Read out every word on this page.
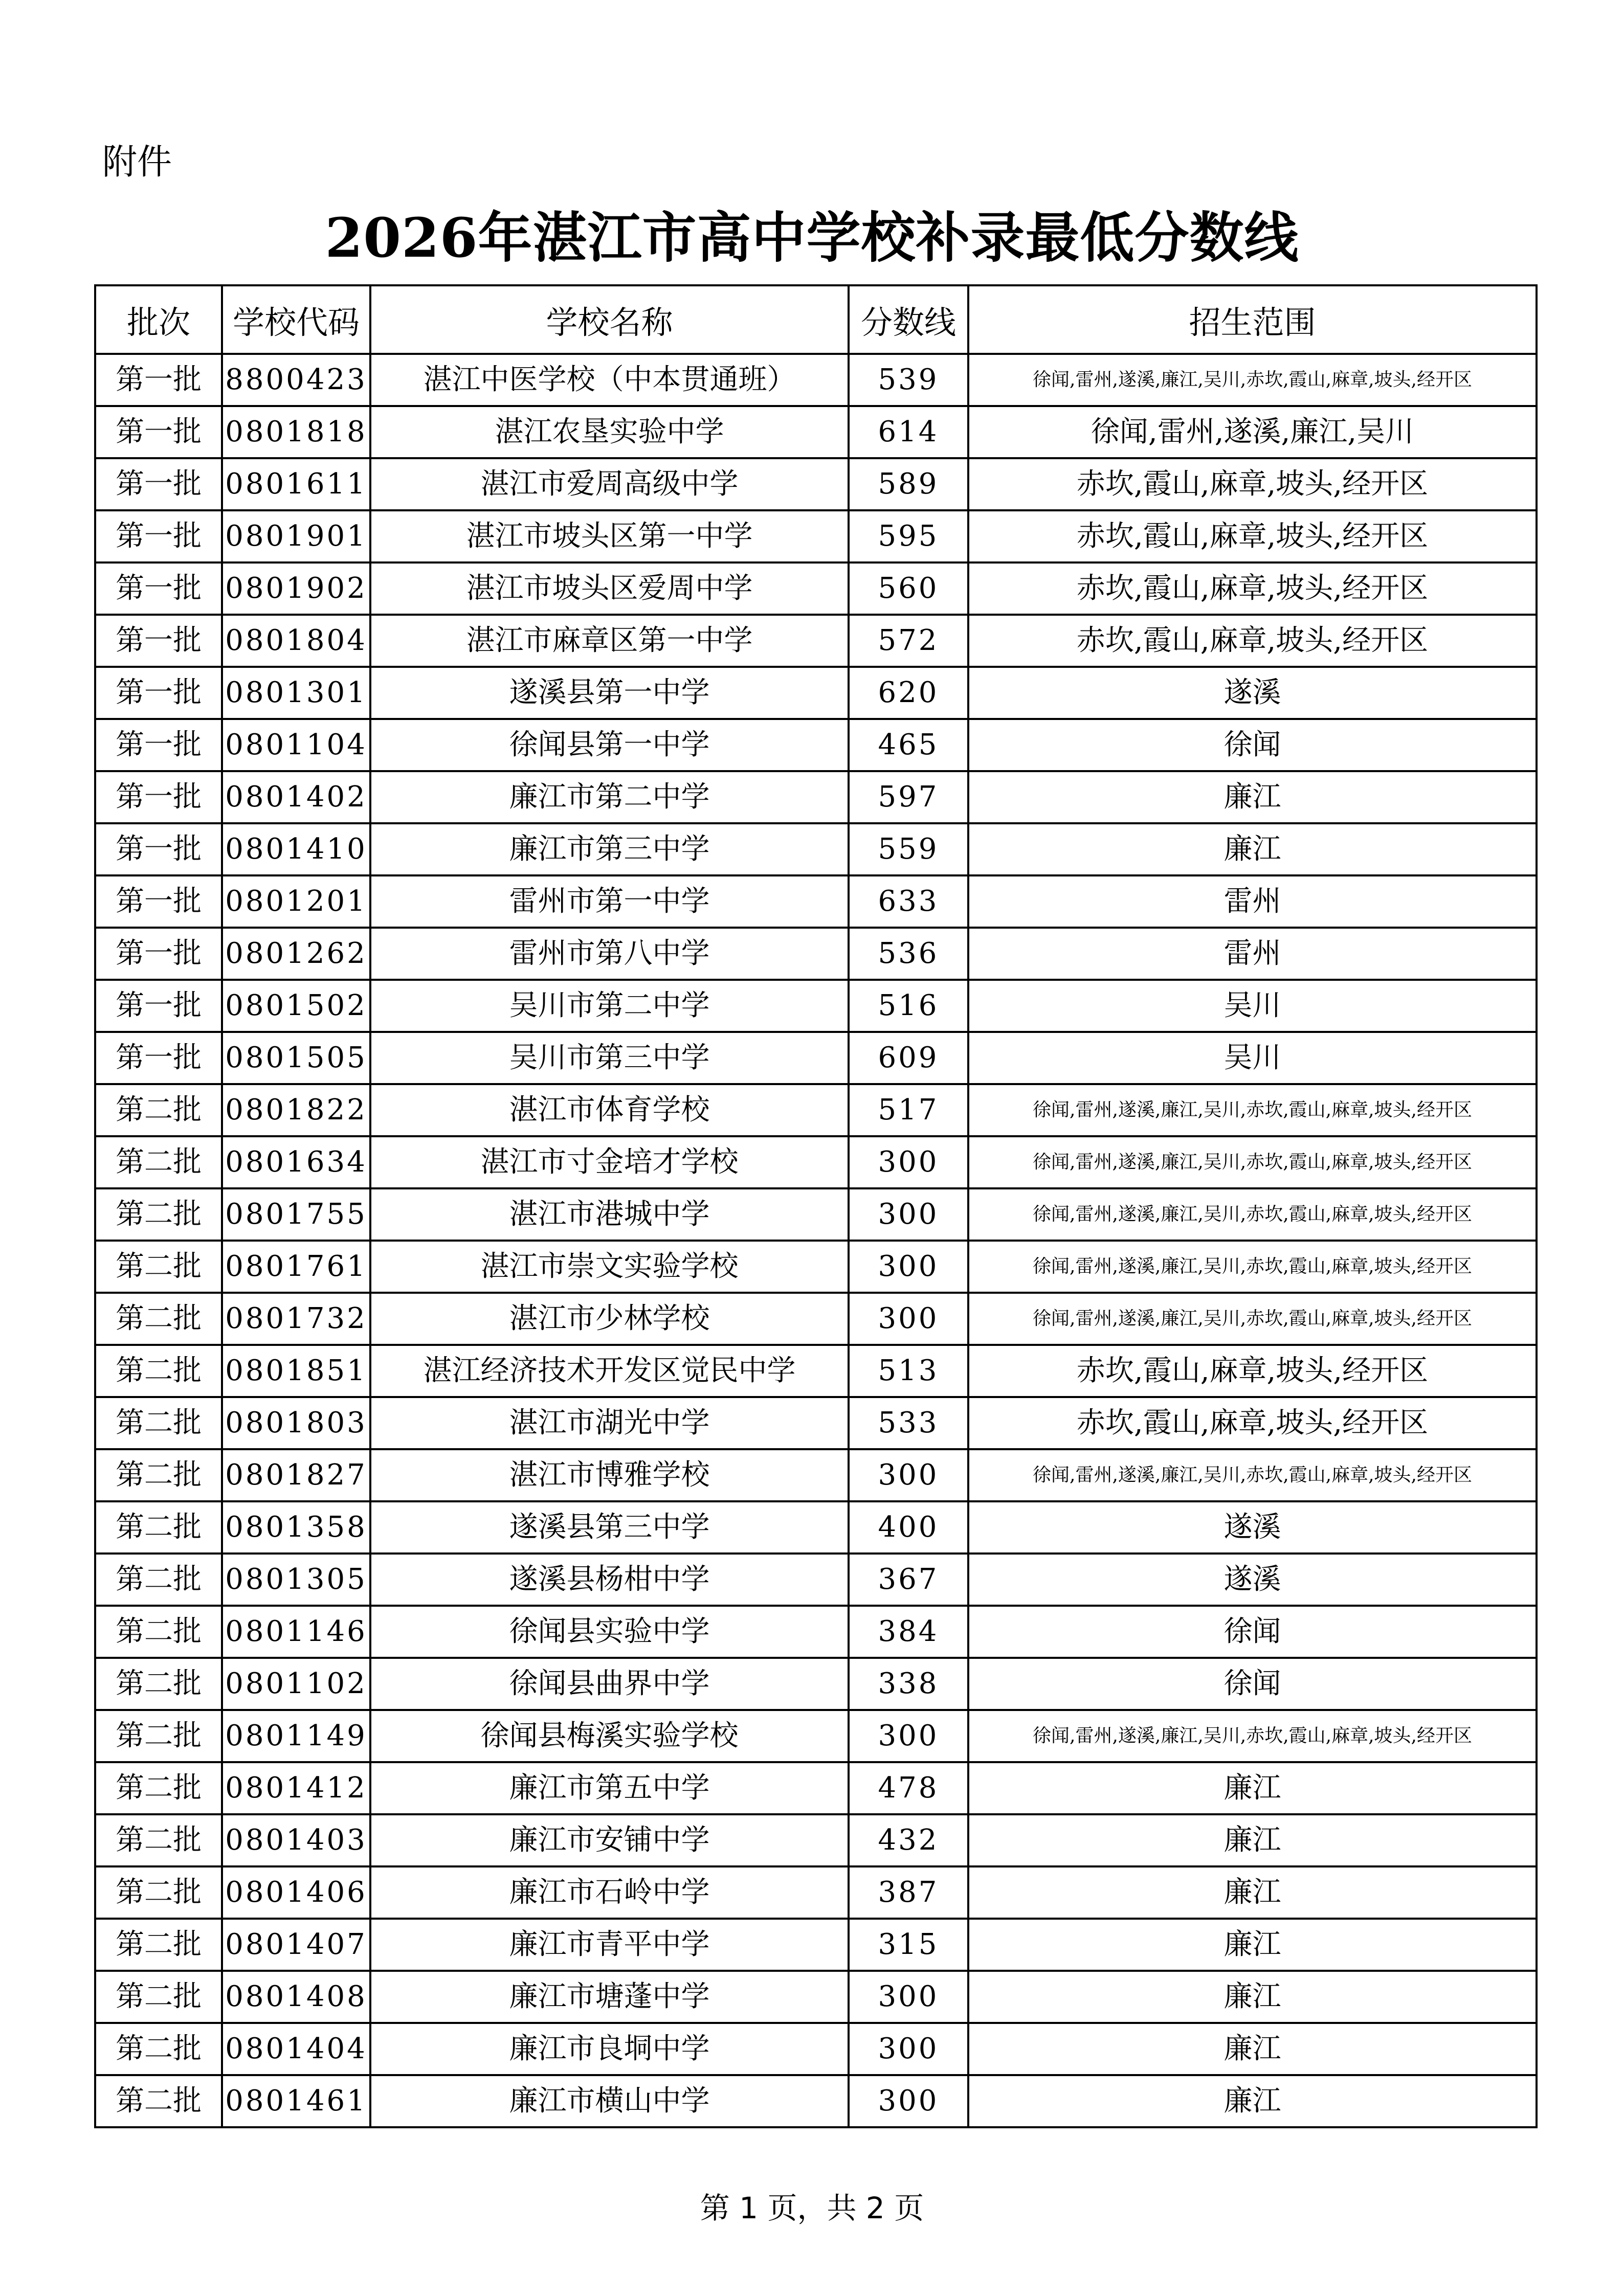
附件
2026年湛江市高中学校补录最低分数线
批次	学校代码	学校名称	分数线	招生范围
第一批	8800423	湛江中医学校（中本贯通班）	539	徐闻,雷州,遂溪,廉江,吴川,赤坎,霞山,麻章,坡头,经开区
第一批	0801818	湛江农垦实验中学	614	徐闻,雷州,遂溪,廉江,吴川
第一批	0801611	湛江市爱周高级中学	589	赤坎,霞山,麻章,坡头,经开区
第一批	0801901	湛江市坡头区第一中学	595	赤坎,霞山,麻章,坡头,经开区
第一批	0801902	湛江市坡头区爱周中学	560	赤坎,霞山,麻章,坡头,经开区
第一批	0801804	湛江市麻章区第一中学	572	赤坎,霞山,麻章,坡头,经开区
第一批	0801301	遂溪县第一中学	620	遂溪
第一批	0801104	徐闻县第一中学	465	徐闻
第一批	0801402	廉江市第二中学	597	廉江
第一批	0801410	廉江市第三中学	559	廉江
第一批	0801201	雷州市第一中学	633	雷州
第一批	0801262	雷州市第八中学	536	雷州
第一批	0801502	吴川市第二中学	516	吴川
第一批	0801505	吴川市第三中学	609	吴川
第二批	0801822	湛江市体育学校	517	徐闻,雷州,遂溪,廉江,吴川,赤坎,霞山,麻章,坡头,经开区
第二批	0801634	湛江市寸金培才学校	300	徐闻,雷州,遂溪,廉江,吴川,赤坎,霞山,麻章,坡头,经开区
第二批	0801755	湛江市港城中学	300	徐闻,雷州,遂溪,廉江,吴川,赤坎,霞山,麻章,坡头,经开区
第二批	0801761	湛江市崇文实验学校	300	徐闻,雷州,遂溪,廉江,吴川,赤坎,霞山,麻章,坡头,经开区
第二批	0801732	湛江市少林学校	300	徐闻,雷州,遂溪,廉江,吴川,赤坎,霞山,麻章,坡头,经开区
第二批	0801851	湛江经济技术开发区觉民中学	513	赤坎,霞山,麻章,坡头,经开区
第二批	0801803	湛江市湖光中学	533	赤坎,霞山,麻章,坡头,经开区
第二批	0801827	湛江市博雅学校	300	徐闻,雷州,遂溪,廉江,吴川,赤坎,霞山,麻章,坡头,经开区
第二批	0801358	遂溪县第三中学	400	遂溪
第二批	0801305	遂溪县杨柑中学	367	遂溪
第二批	0801146	徐闻县实验中学	384	徐闻
第二批	0801102	徐闻县曲界中学	338	徐闻
第二批	0801149	徐闻县梅溪实验学校	300	徐闻,雷州,遂溪,廉江,吴川,赤坎,霞山,麻章,坡头,经开区
第二批	0801412	廉江市第五中学	478	廉江
第二批	0801403	廉江市安铺中学	432	廉江
第二批	0801406	廉江市石岭中学	387	廉江
第二批	0801407	廉江市青平中学	315	廉江
第二批	0801408	廉江市塘蓬中学	300	廉江
第二批	0801404	廉江市良垌中学	300	廉江
第二批	0801461	廉江市横山中学	300	廉江
第 1 页，共 2 页
